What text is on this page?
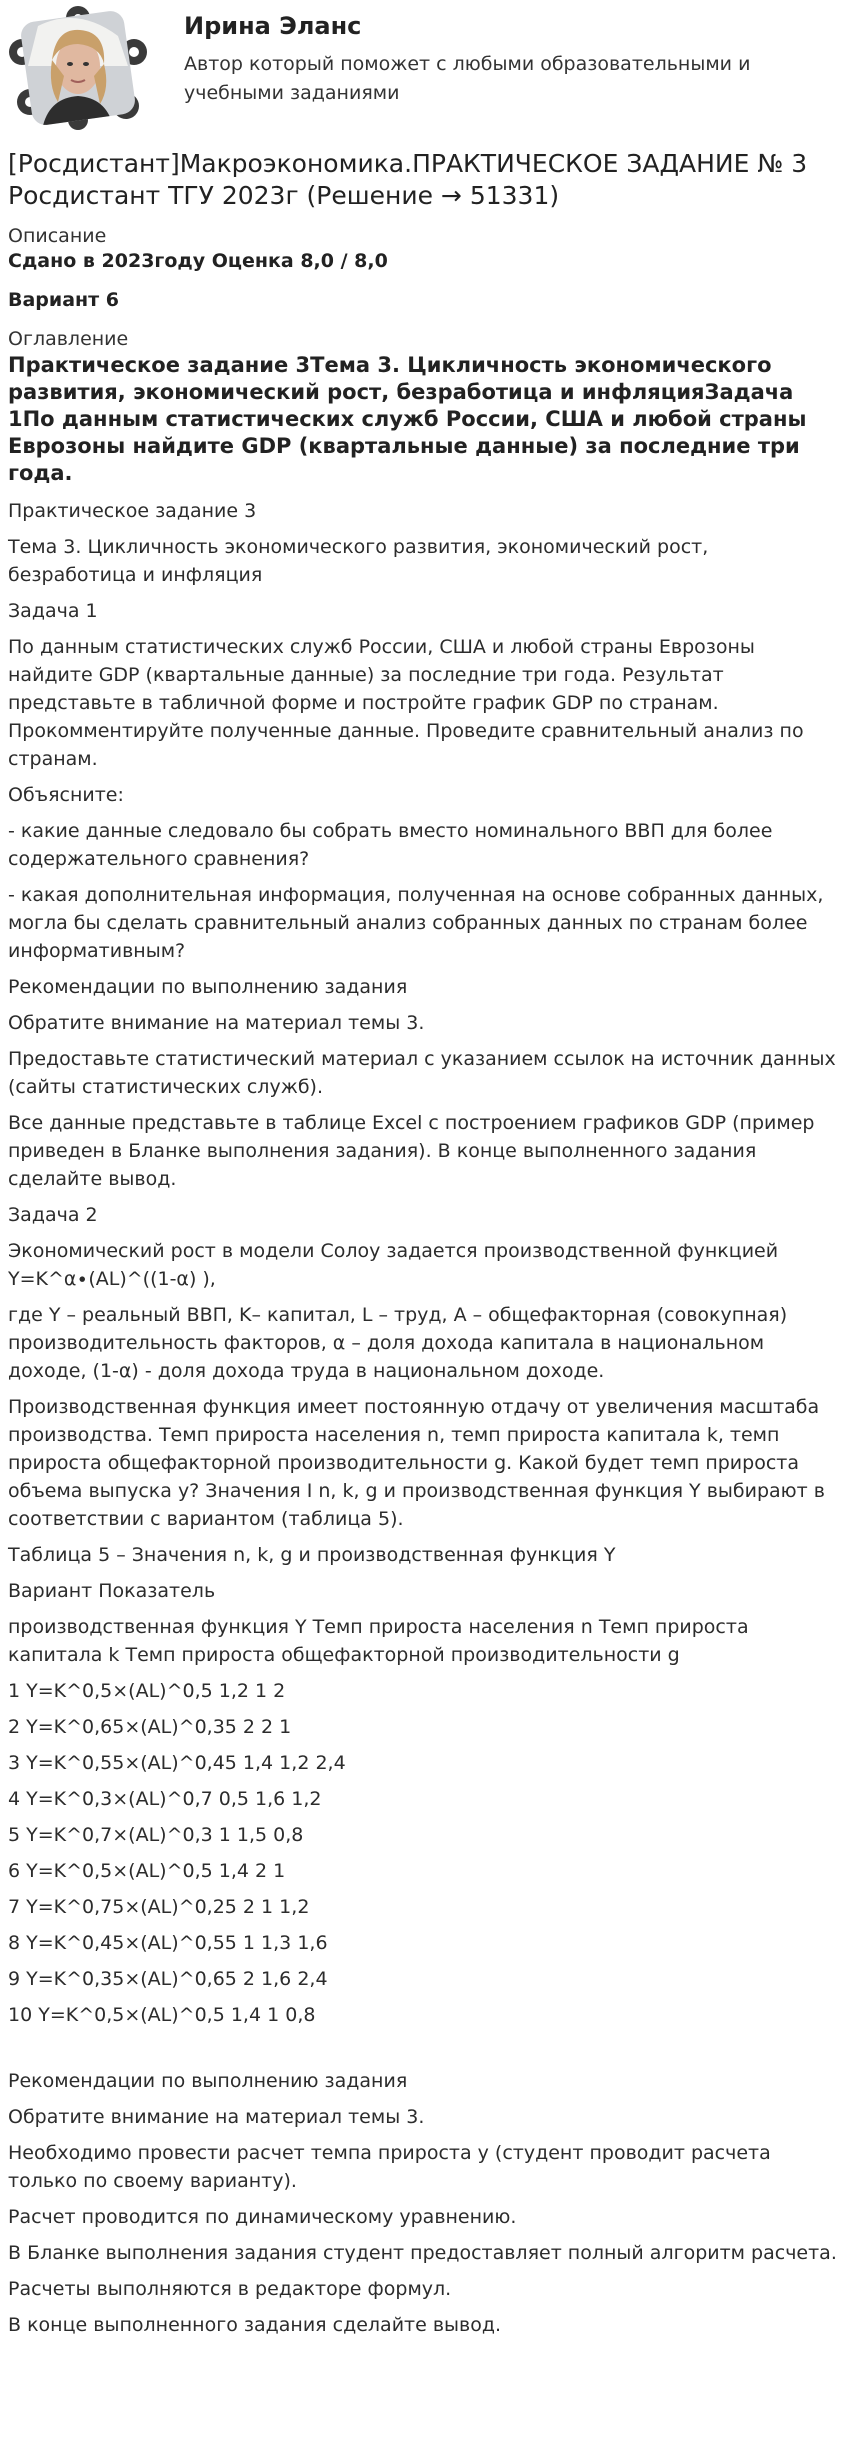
Ирина Эланс
Автор который поможет с любыми образовательными и учебными заданиями
[Росдистант]Макроэкономика.ПРАКТИЧЕСКОЕ ЗАДАНИЕ № 3 Росдистант ТГУ 2023г (Решение → 51331)

Описание

Сдано в 2023году Оценка 8,0 / 8,0

Вариант 6

Оглавление

Практическое задание 3Тема 3. Цикличность экономического развития, экономический рост, безработица и инфляцияЗадача 1По данным статистических служб России, США и любой страны Еврозоны найдите GDP (квартальные данные) за последние три года.

Практическое задание 3

Тема 3. Цикличность экономического развития, экономический рост, безработица и инфляция

Задача 1

По данным статистических служб России, США и любой страны Еврозоны найдите GDP (квартальные данные) за последние три года. Результат представьте в табличной форме и постройте график GDP по странам. Прокомментируйте полученные данные. Проведите сравнительный анализ по странам.

Объясните:

- какие данные следовало бы собрать вместо номинального ВВП для более содержательного сравнения?

- какая дополнительная информация, полученная на основе собранных данных, могла бы сделать сравнительный анализ собранных данных по странам более информативным?

Рекомендации по выполнению задания

Обратите внимание на материал темы 3.

Предоставьте статистический материал с указанием ссылок на источник данных (сайты статистических служб).

Все данные представьте в таблице Excel с построением графиков GDP (пример приведен в Бланке выполнения задания). В конце выполненного задания сделайте вывод.

Задача 2

Экономический рост в модели Солоу задается производственной функцией Y=K^α∙(AL)^((1-α) ),

где Y – реальный ВВП, K– капитал, L – труд, A – общефакторная (совокупная) производительность факторов, α – доля дохода капитала в национальном доходе, (1-α) - доля дохода труда в национальном доходе.

Производственная функция имеет постоянную отдачу от увеличения масштаба производства. Темп прироста населения n, темп прироста капитала k, темп прироста общефакторной производительности g. Какой будет темп прироста объема выпуска y? Значения I n, k, g и производственная функция Y выбирают в соответствии с вариантом (таблица 5).

Таблица 5 – Значения n, k, g и производственная функция Y

Вариант Показатель

производственная функция Y Темп прироста населения n Темп прироста капитала k Темп прироста общефакторной производительности g

1 Y=K^0,5×(AL)^0,5 1,2 1 2

2 Y=K^0,65×(AL)^0,35 2 2 1

3 Y=K^0,55×(AL)^0,45 1,4 1,2 2,4

4 Y=K^0,3×(AL)^0,7 0,5 1,6 1,2

5 Y=K^0,7×(AL)^0,3 1 1,5 0,8

6 Y=K^0,5×(AL)^0,5 1,4 2 1

7 Y=K^0,75×(AL)^0,25 2 1 1,2

8 Y=K^0,45×(AL)^0,55 1 1,3 1,6

9 Y=K^0,35×(AL)^0,65 2 1,6 2,4

10 Y=K^0,5×(AL)^0,5 1,4 1 0,8

Рекомендации по выполнению задания

Обратите внимание на материал темы 3.

Необходимо провести расчет темпа прироста y (студент проводит расчета только по своему варианту).

Расчет проводится по динамическому уравнению.

В Бланке выполнения задания студент предоставляет полный алгоритм расчета.

Расчеты выполняются в редакторе формул.

В конце выполненного задания сделайте вывод.
